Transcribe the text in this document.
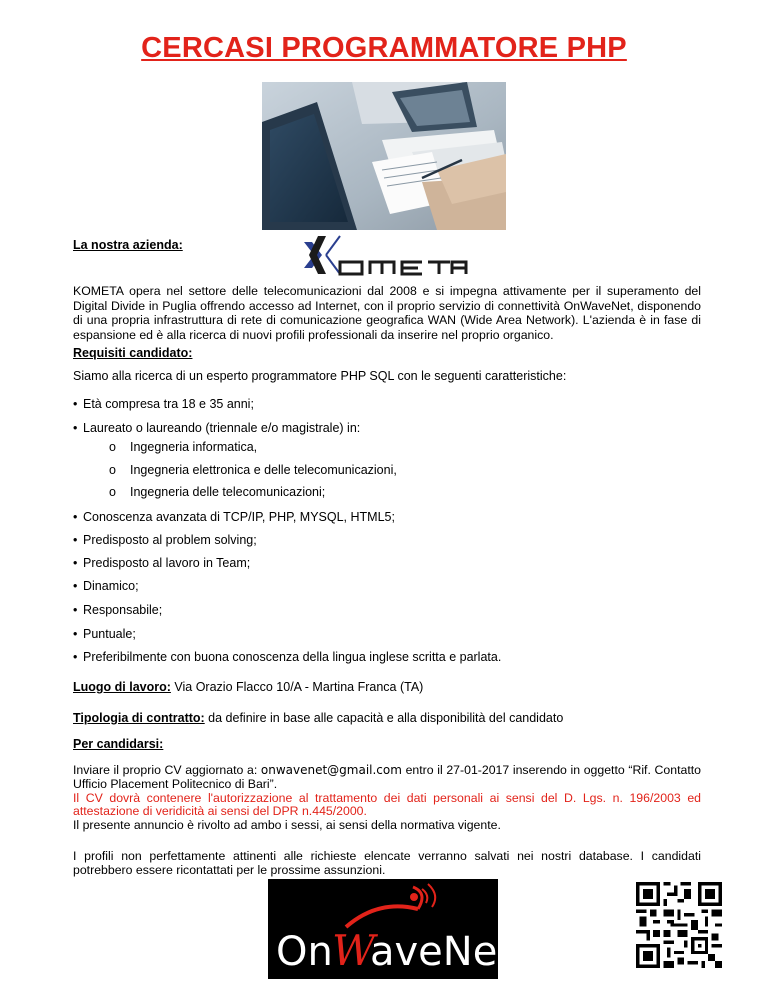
CERCASI PROGRAMMATORE PHP
La nostra azienda:
KOMETA opera nel settore delle telecomunicazioni dal 2008 e si impegna attivamente per il superamento del Digital Divide in Puglia offrendo accesso ad Internet, con il proprio servizio di connettività OnWaveNet, disponendo di una propria infrastruttura di rete di comunicazione geografica WAN (Wide Area Network). L'azienda è in fase di espansione ed è alla ricerca di nuovi profili professionali da inserire nel proprio organico.
Requisiti candidato:
Siamo alla ricerca di un esperto programmatore PHP SQL con le seguenti caratteristiche:
• Età compresa tra 18 e 35 anni;
• Laureato o laureando (triennale e/o magistrale) in:
o Ingegneria informatica,
o Ingegneria elettronica e delle telecomunicazioni,
o Ingegneria delle telecomunicazioni;
• Conoscenza avanzata di TCP/IP, PHP, MYSQL, HTML5;
• Predisposto al problem solving;
• Predisposto al lavoro in Team;
• Dinamico;
• Responsabile;
• Puntuale;
• Preferibilmente con buona conoscenza della lingua inglese scritta e parlata.
Luogo di lavoro: Via Orazio Flacco 10/A - Martina Franca (TA)
Tipologia di contratto: da definire in base alle capacità e alla disponibilità del candidato
Per candidarsi:
Inviare il proprio CV aggiornato a: onwavenet@gmail.com entro il 27-01-2017 inserendo in oggetto “Rif. Contatto Ufficio Placement Politecnico di Bari”.
Il CV dovrà contenere l'autorizzazione al trattamento dei dati personali ai sensi del D. Lgs. n. 196/2003 ed attestazione di veridicità ai sensi del DPR n.445/2000.
Il presente annuncio è rivolto ad ambo i sessi, ai sensi della normativa vigente.
I profili non perfettamente attinenti alle richieste elencate verranno salvati nei nostri database. I candidati potrebbero essere ricontattati per le prossime assunzioni.
On W
aveNet
